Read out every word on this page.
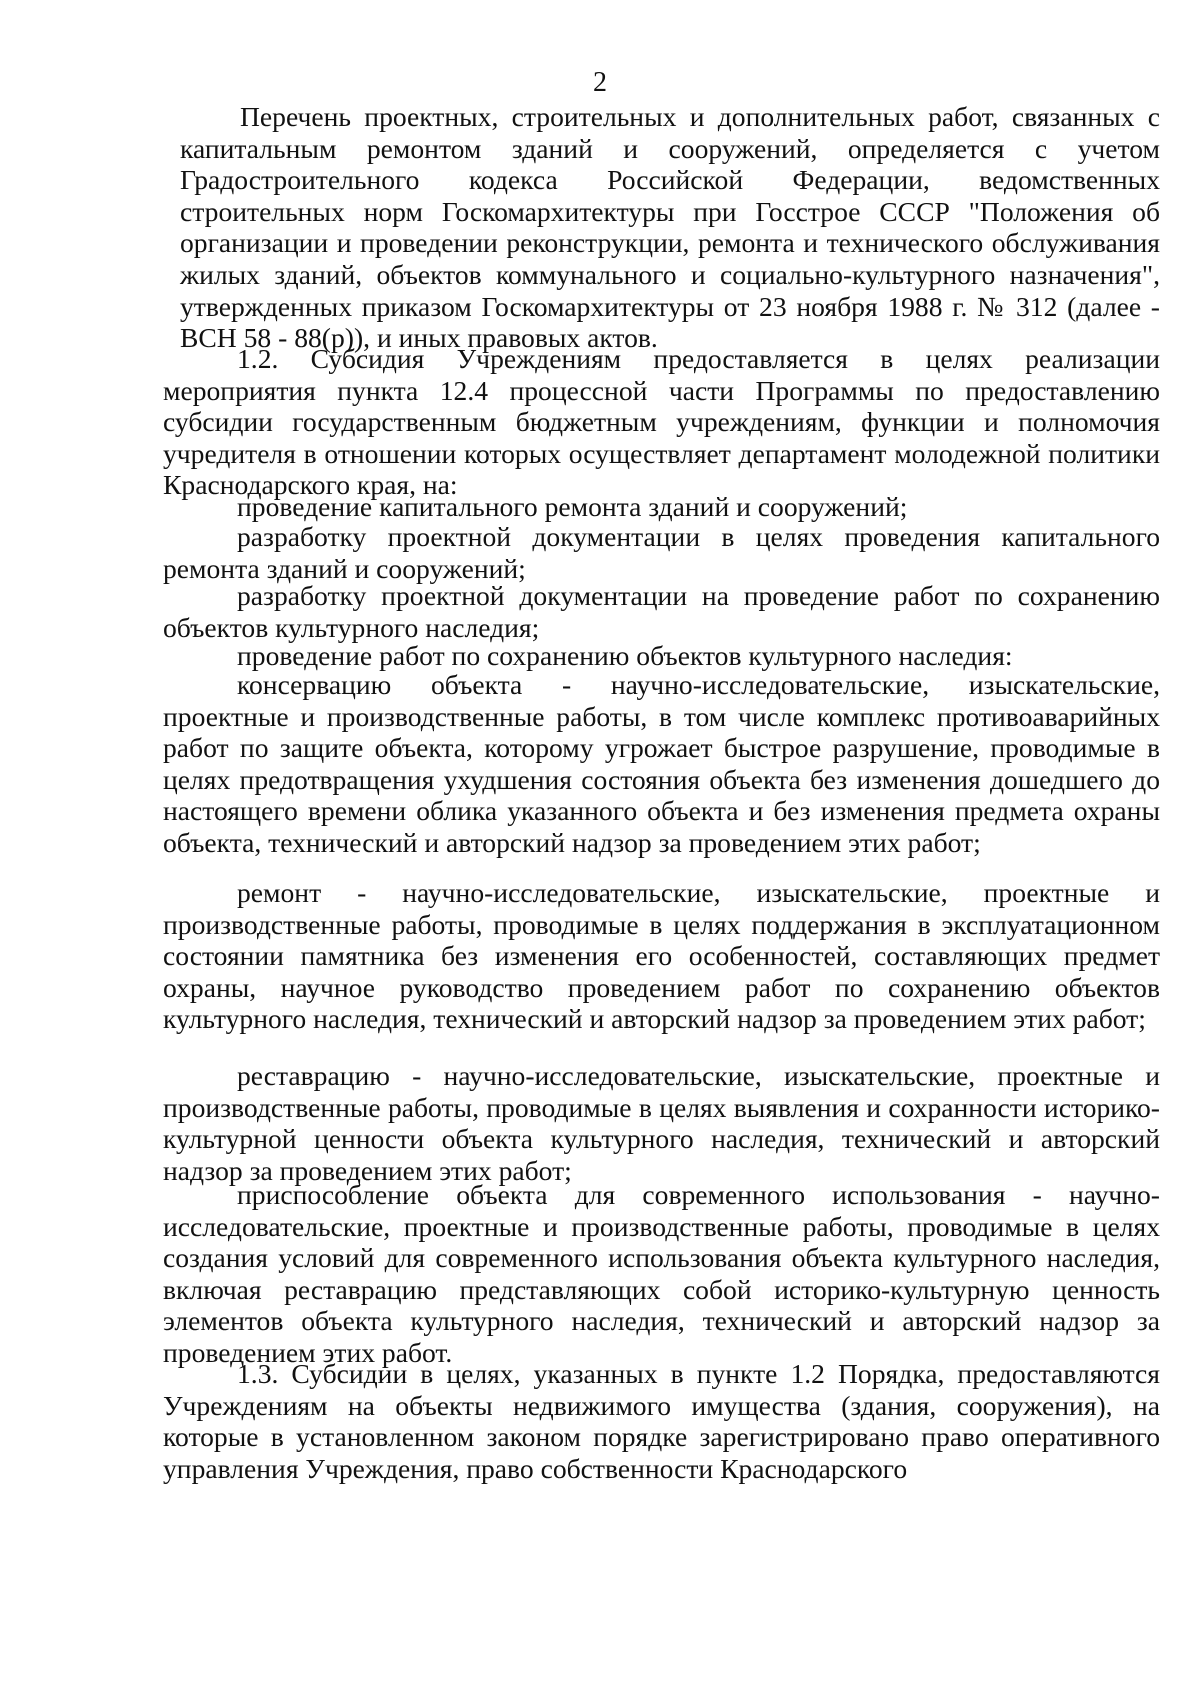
2

Перечень проектных, строительных и дополнительных работ, связанных с капитальным ремонтом зданий и сооружений, определяется с учетом Градостроительного кодекса Российской Федерации, ведомственных строительных норм Госкомархитектуры при Госстрое СССР "Положения об организации и проведении реконструкции, ремонта и технического обслуживания жилых зданий, объектов коммунального и социально-культурного назначения", утвержденных приказом Госкомархитектуры от 23 ноября 1988 г. № 312 (далее - ВСН 58 - 88(р)), и иных правовых актов.

1.2. Субсидия Учреждениям предоставляется в целях реализации мероприятия пункта 12.4 процессной части Программы по предоставлению субсидии государственным бюджетным учреждениям, функции и полномочия учредителя в отношении которых осуществляет департамент молодежной политики Краснодарского края, на:

проведение капитального ремонта зданий и сооружений;

разработку проектной документации в целях проведения капитального ремонта зданий и сооружений;

разработку проектной документации на проведение работ по сохранению объектов культурного наследия;

проведение работ по сохранению объектов культурного наследия:

консервацию объекта - научно-исследовательские, изыскательские, проектные и производственные работы, в том числе комплекс противоаварийных работ по защите объекта, которому угрожает быстрое разрушение, проводимые в целях предотвращения ухудшения состояния объекта без изменения дошедшего до настоящего времени облика указанного объекта и без изменения предмета охраны объекта, технический и авторский надзор за проведением этих работ;

ремонт - научно-исследовательские, изыскательские, проектные и производственные работы, проводимые в целях поддержания в эксплуатационном состоянии памятника без изменения его особенностей, составляющих предмет охраны, научное руководство проведением работ по сохранению объектов культурного наследия, технический и авторский надзор за проведением этих работ;

реставрацию - научно-исследовательские, изыскательские, проектные и производственные работы, проводимые в целях выявления и сохранности историко-культурной ценности объекта культурного наследия, технический и авторский надзор за проведением этих работ;

приспособление объекта для современного использования - научно-исследовательские, проектные и производственные работы, проводимые в целях создания условий для современного использования объекта культурного наследия, включая реставрацию представляющих собой историко-культурную ценность элементов объекта культурного наследия, технический и авторский надзор за проведением этих работ.

1.3. Субсидии в целях, указанных в пункте 1.2 Порядка, предоставляются Учреждениям на объекты недвижимого имущества (здания, сооружения), на которые в установленном законом порядке зарегистрировано право оперативного управления Учреждения, право собственности Краснодарского
